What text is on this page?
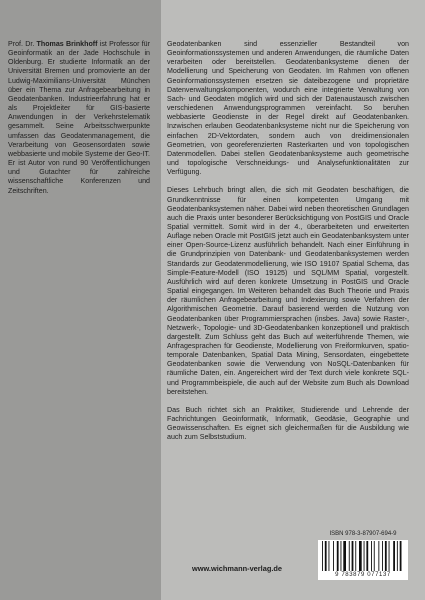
Prof. Dr. Thomas Brinkhoff ist Professor für Geoinformatik an der Jade Hochschule in Oldenburg. Er studierte Informatik an der Universität Bremen und promovierte an der Ludwig-Maximilians-Universität München über ein Thema zur Anfragebearbeitung in Geodatenbanken. Industrieerfahrung hat er als Projektleiter für GIS-basierte Anwendungen in der Verkehrstelematik gesammelt. Seine Arbeitsschwerpunkte umfassen das Geodatenmanagement, die Verarbeitung von Geosensordaten sowie webbasierte und mobile Systeme der Geo-IT. Er ist Autor von rund 90 Veröffentlichungen und Gutachter für zahlreiche wissenschaftliche Konferenzen und Zeitschriften.

Geodatenbanken sind essenzieller Bestandteil von Geoinformationssystemen und anderen Anwendungen, die räumliche Daten verarbeiten oder bereitstellen. Geodatenbanksysteme dienen der Modellierung und Speicherung von Geodaten. Im Rahmen von offenen Geoinformationssystemen ersetzen sie dateibezogene und proprietäre Datenverwaltungskomponenten, wodurch eine integrierte Verwaltung von Sach- und Geodaten möglich wird und sich der Datenaustausch zwischen verschiedenen Anwendungsprogrammen vereinfacht. So beruhen webbasierte Geodienste in der Regel direkt auf Geodatenbanken. Inzwischen erlauben Geodatenbanksysteme nicht nur die Speicherung von einfachen 2D-Vektordaten, sondern auch von dreidimensionalen Geometrien, von georeferenzierten Rasterkarten und von topologischen Datenmodellen. Dabei stellen Geodatenbanksysteme auch geometrische und topologische Verschneidungs- und Analysefunktionalitäten zur Verfügung.

Dieses Lehrbuch bringt allen, die sich mit Geodaten beschäftigen, die Grundkenntnisse für einen kompetenten Umgang mit Geodatenbanksystemen näher. Dabei wird neben theoretischen Grundlagen auch die Praxis unter besonderer Berücksichtigung von PostGIS und Oracle Spatial vermittelt. Somit wird in der 4., überarbeiteten und erweiterten Auflage neben Oracle mit PostGIS jetzt auch ein Geodatenbanksystem unter einer Open-Source-Lizenz ausführlich behandelt. Nach einer Einführung in die Grundprinzipien von Datenbank- und Geodatenbanksystemen werden Standards zur Geodatenmodellierung, wie ISO 19107 Spatial Schema, das Simple-Feature-Modell (ISO 19125) und SQL/MM Spatial, vorgestellt. Ausführlich wird auf deren konkrete Umsetzung in PostGIS und Oracle Spatial eingegangen. Im Weiteren behandelt das Buch Theorie und Praxis der räumlichen Anfragebearbeitung und Indexierung sowie Verfahren der Algorithmischen Geometrie. Darauf basierend werden die Nutzung von Geodatenbanken über Programmiersprachen (insbes. Java) sowie Raster-, Netzwerk-, Topologie- und 3D-Geodatenbanken konzeptionell und praktisch dargestellt. Zum Schluss geht das Buch auf weiterführende Themen, wie Anfragesprachen für Geodienste, Modellierung von Freiformkurven, spatio-temporale Datenbanken, Spatial Data Mining, Sensordaten, eingebettete Geodatenbanken sowie die Verwendung von NoSQL-Datenbanken für räumliche Daten, ein. Angereichert wird der Text durch viele konkrete SQL- und Programmbeispiele, die auch auf der Website zum Buch als Download bereitstehen.

Das Buch richtet sich an Praktiker, Studierende und Lehrende der Fachrichtungen Geoinformatik, Informatik, Geodäsie, Geographie und Geowissenschaften. Es eignet sich gleichermaßen für die Ausbildung wie auch zum Selbststudium.

ISBN 978-3-87907-694-9
9 783879 077137
www.wichmann-verlag.de
